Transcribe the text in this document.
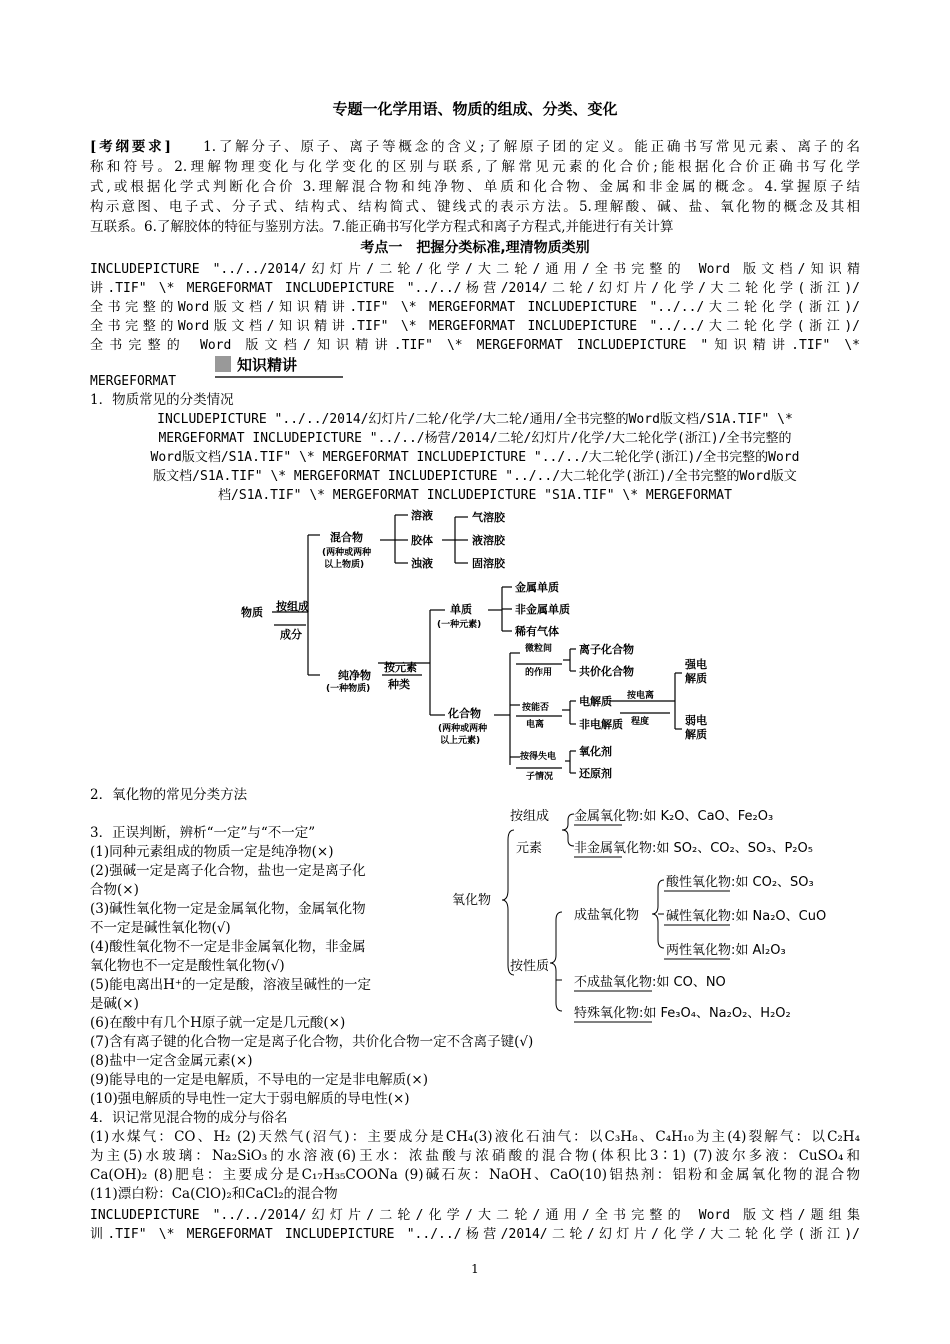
专题一化学用语、物质的组成、分类、变化
[考纲要求] 1.了解分子、原子、离子等概念的含义;了解原子团的定义。能正确书写常见元素、离子的名
称和符号。2.理解物理变化与化学变化的区别与联系,了解常见元素的化合价;能根据化合价正确书写化学
式,或根据化学式判断化合价 3.理解混合物和纯净物、单质和化合物、金属和非金属的概念。4.掌握原子结
构示意图、电子式、分子式、结构式、结构简式、键线式的表示方法。5.理解酸、碱、盐、氧化物的概念及其相
互联系。6.了解胶体的特征与鉴别方法。7.能正确书写化学方程式和离子方程式,并能进行有关计算
考点一　把握分类标准,理清物质类别
INCLUDEPICTURE "../../2014/幻灯片/二轮/化学/大二轮/通用/全书完整的 Word 版文档/知识精
讲.TIF" \* MERGEFORMAT INCLUDEPICTURE "../../杨营/2014/二轮/幻灯片/化学/大二轮化学(浙江)/
全书完整的Word版文档/知识精讲.TIF" \* MERGEFORMAT INCLUDEPICTURE "../../大二轮化学(浙江)/
全书完整的Word版文档/知识精讲.TIF" \* MERGEFORMAT INCLUDEPICTURE "../../大二轮化学(浙江)/
全书完整的 Word 版文档/知识精讲.TIF" \* MERGEFORMAT INCLUDEPICTURE "知识精讲.TIF" \*
知识精讲
MERGEFORMAT
1．物质常见的分类情况
INCLUDEPICTURE "../../2014/幻灯片/二轮/化学/大二轮/通用/全书完整的Word版文档/S1A.TIF" \*
MERGEFORMAT INCLUDEPICTURE "../../杨营/2014/二轮/幻灯片/化学/大二轮化学(浙江)/全书完整的
Word版文档/S1A.TIF" \* MERGEFORMAT INCLUDEPICTURE "../../大二轮化学(浙江)/全书完整的Word
版文档/S1A.TIF" \* MERGEFORMAT INCLUDEPICTURE "../../大二轮化学(浙江)/全书完整的Word版文
档/S1A.TIF" \* MERGEFORMAT INCLUDEPICTURE "S1A.TIF" \* MERGEFORMAT
物质 按组成
成分
混合物
(两种或两种
以上物质)
溶液
胶体
浊液
气溶胶
液溶胶
固溶胶
纯净物
(一种物质)
按元素
种类
单质
(一种元素)
金属单质
非金属单质
稀有气体
化合物
(两种或两种
以上元素)
微粒间
的作用
离子化合物
共价化合物
按能否
电离
电解质
非电解质
按电离
程度
强电
解质
弱电
解质
按得失电
子情况
氧化剂
还原剂
2．氧化物的常见分类方法
氧化物
按组成
元素
金属氧化物:如 K₂O、CaO、Fe₂O₃
非金属氧化物:如 SO₂、CO₂、SO₃、P₂O₅
按性质
成盐氧化物
酸性氧化物:如 CO₂、SO₃
碱性氧化物:如 Na₂O、CuO
两性氧化物:如 Al₂O₃
不成盐氧化物:如 CO、NO
特殊氧化物:如 Fe₃O₄、Na₂O₂、H₂O₂
3．正误判断，辨析“一定”与“不一定”
(1)同种元素组成的物质一定是纯净物(×)
(2)强碱一定是离子化合物，盐也一定是离子化
合物(×)
(3)碱性氧化物一定是金属氧化物，金属氧化物
不一定是碱性氧化物(√)
(4)酸性氧化物不一定是非金属氧化物，非金属
氧化物也不一定是酸性氧化物(√)
(5)能电离出H⁺的一定是酸，溶液呈碱性的一定
是碱(×)
(6)在酸中有几个H原子就一定是几元酸(×)
(7)含有离子键的化合物一定是离子化合物，共价化合物一定不含离子键(√)
(8)盐中一定含金属元素(×)
(9)能导电的一定是电解质，不导电的一定是非电解质(×)
(10)强电解质的导电性一定大于弱电解质的导电性(×)
4．识记常见混合物的成分与俗名
(1)水煤气：CO、H₂ (2)天然气(沼气)：主要成分是CH₄(3)液化石油气：以C₃H₈、C₄H₁₀为主(4)裂解气：以C₂H₄
为主(5)水玻璃：Na₂SiO₃的水溶液(6)王水：浓盐酸与浓硝酸的混合物(体积比3∶1) (7)波尔多液：CuSO₄和
Ca(OH)₂ (8)肥皂：主要成分是C₁₇H₃₅COONa (9)碱石灰：NaOH、CaO(10)铝热剂：铝粉和金属氧化物的混合物
(11)漂白粉：Ca(ClO)₂和CaCl₂的混合物
INCLUDEPICTURE "../../2014/幻灯片/二轮/化学/大二轮/通用/全书完整的 Word 版文档/题组集
训.TIF" \* MERGEFORMAT INCLUDEPICTURE "../../杨营/2014/二轮/幻灯片/化学/大二轮化学(浙江)/
1
